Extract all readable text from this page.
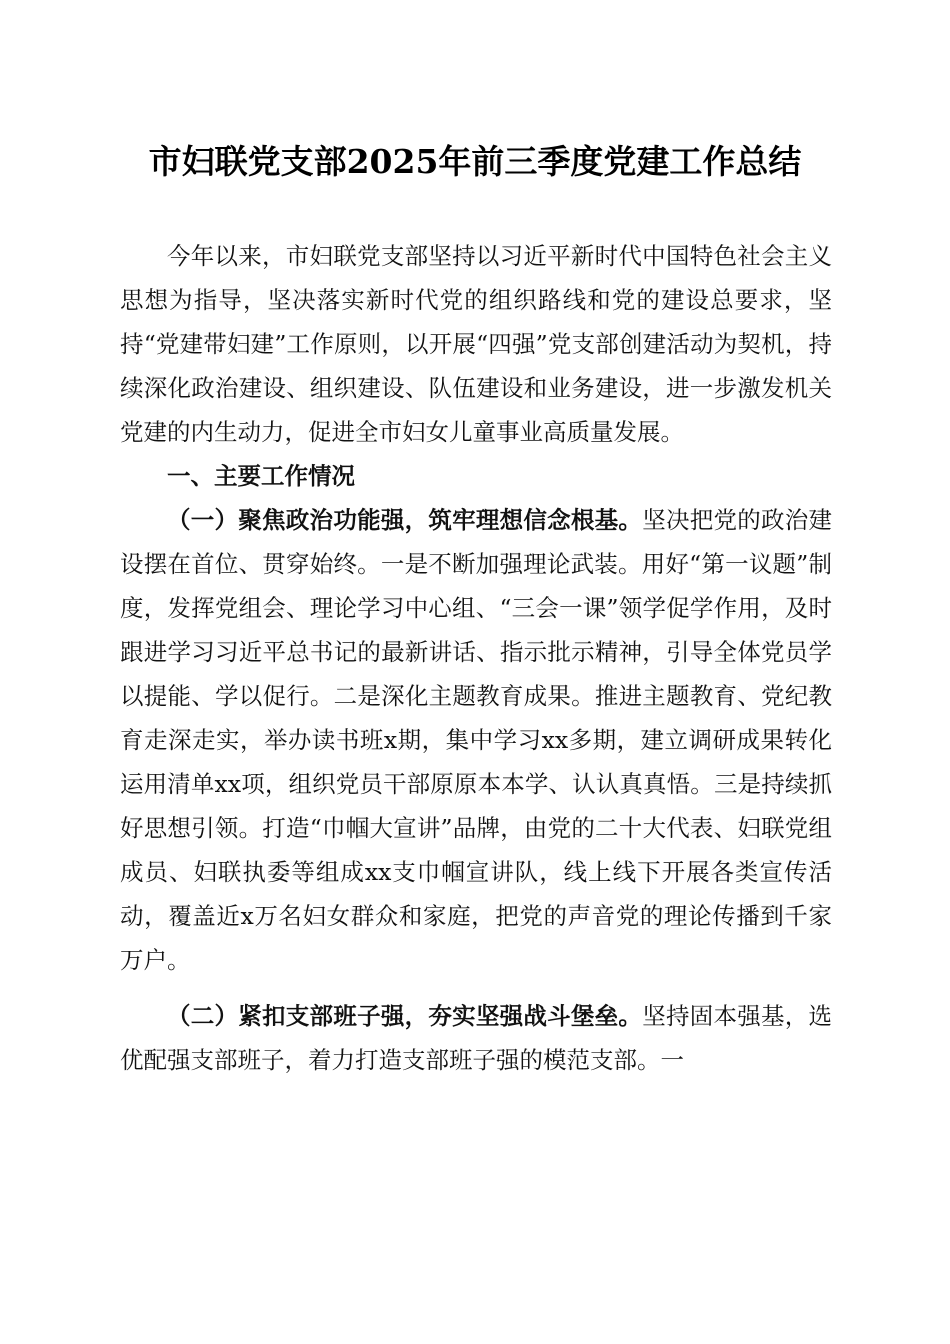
市妇联党支部2025年前三季度党建工作总结

今年以来，市妇联党支部坚持以习近平新时代中国特色社会主义思想为指导，坚决落实新时代党的组织路线和党的建设总要求，坚持“党建带妇建”工作原则，以开展“四强”党支部创建活动为契机，持续深化政治建设、组织建设、队伍建设和业务建设，进一步激发机关党建的内生动力，促进全市妇女儿童事业高质量发展。

一、主要工作情况

（一）聚焦政治功能强，筑牢理想信念根基。坚决把党的政治建设摆在首位、贯穿始终。一是不断加强理论武装。用好“第一议题”制度，发挥党组会、理论学习中心组、“三会一课”领学促学作用，及时跟进学习习近平总书记的最新讲话、指示批示精神，引导全体党员学以提能、学以促行。二是深化主题教育成果。推进主题教育、党纪教育走深走实，举办读书班x期，集中学习xx多期，建立调研成果转化运用清单xx项，组织党员干部原原本本学、认认真真悟。三是持续抓好思想引领。打造“巾帼大宣讲”品牌，由党的二十大代表、妇联党组成员、妇联执委等组成xx支巾帼宣讲队，线上线下开展各类宣传活动，覆盖近x万名妇女群众和家庭，把党的声音党的理论传播到千家万户。

（二）紧扣支部班子强，夯实坚强战斗堡垒。坚持固本强基，选优配强支部班子，着力打造支部班子强的模范支部。一
